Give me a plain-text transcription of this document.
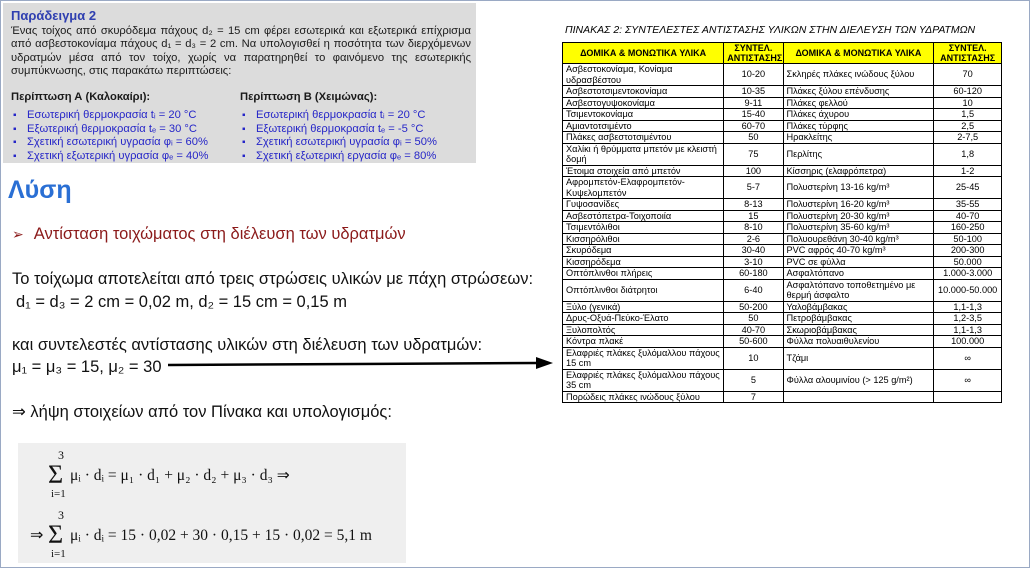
Παράδειγμα 2
Ένας τοίχος από σκυρόδεμα πάχους d₂ = 15 cm φέρει εσωτερικά και εξωτερικά επίχρισμα από ασβεστοκονίαμα πάχους d₁ = d₃ = 2 cm. Να υπολογισθεί η ποσότητα των διερχόμενων υδρατμών μέσα από τον τοίχο, χωρίς να παρατηρηθεί το φαινόμενο της εσωτερικής συμπύκνωσης, στις παρακάτω περιπτώσεις:
Περίπτωση Α (Καλοκαίρι):	Περίπτωση Β (Χειμώνας):
▪ Εσωτερική θερμοκρασία tᵢ = 20 °C
▪ Εξωτερική θερμοκρασία tₑ = 30 °C
▪ Σχετική εσωτερική υγρασία φᵢ = 60%
▪ Σχετική εξωτερική υγρασία φₑ = 40%
▪ Εσωτερική θερμοκρασία tᵢ = 20 °C
▪ Εξωτερική θερμοκρασία tₑ = -5 °C
▪ Σχετική εσωτερική υγρασία φᵢ = 50%
▪ Σχετική εξωτερική εργασία φₑ = 80%
Λύση
➢ Αντίσταση τοιχώματος στη διέλευση των υδρατμών
Το τοίχωμα αποτελείται από τρεις στρώσεις υλικών με πάχη στρώσεων:
d₁ = d₃ = 2 cm = 0,02 m, d₂ = 15 cm = 0,15 m
και συντελεστές αντίστασης υλικών στη διέλευση των υδρατμών:
μ₁ = μ₃ = 15, μ₂ = 30
⇒ λήψη στοιχείων από τον Πίνακα και υπολογισμός:
3
Σ
i=1
μᵢ · dᵢ = μ₁ · d₁ + μ₂ · d₂ + μ₃ · d₃ ⇒
3
⇒ Σ
i=1
μᵢ · dᵢ = 15 · 0,02 + 30 · 0,15 + 15 · 0,02 = 5,1 m
ΠΙΝΑΚΑΣ 2: ΣΥΝΤΕΛΕΣΤΕΣ ΑΝΤΙΣΤΑΣΗΣ ΥΛΙΚΩΝ ΣΤΗΝ ΔΙΕΛΕΥΣΗ ΤΩΝ ΥΔΡΑΤΜΩΝ
ΔΟΜΙΚΑ & ΜΟΝΩΤΙΚΑ ΥΛΙΚΑ	ΣΥΝΤΕΛ. ΑΝΤΙΣΤΑΣΗΣ	ΔΟΜΙΚΑ & ΜΟΝΩΤΙΚΑ ΥΛΙΚΑ	ΣΥΝΤΕΛ. ΑΝΤΙΣΤΑΣΗΣ
Ασβεστοκονίαμα, Κονίαμα υδρασβέστου	10-20	Σκληρές πλάκες ινώδους ξύλου	70
Ασβεστοτσιμεντοκονίαμα	10-35	Πλάκες ξύλου επένδυσης	60-120
Ασβεστογυψοκονίαμα	9-11	Πλάκες φελλού	10
Τσιμεντοκονίαμα	15-40	Πλάκες άχυρου	1,5
Αμιαντοτσιμέντο	60-70	Πλάκες τύρφης	2,5
Πλάκες ασβεστοτσιμέντου	50	Ηρακλείτης	2-7,5
Χαλίκι ή θρύμματα μπετόν με κλειστή δομή	75	Περλίτης	1,8
Έτοιμα στοιχεία από μπετόν	100	Κίσσηρις (ελαφρόπετρα)	1-2
Αφρομπετόν-Ελαφρομπετόν-Κυψελομπετόν	5-7	Πολυστερίνη 13-16 kg/m³	25-45
Γυψοσανίδες	8-13	Πολυστερίνη 16-20 kg/m³	35-55
Ασβεστόπετρα-Τοιχοποιία	15	Πολυστερίνη 20-30 kg/m³	40-70
Τσιμεντόλιθοι	8-10	Πολυστερίνη 35-60 kg/m³	160-250
Κισσηρόλιθοι	2-6	Πολυουρεθάνη 30-40 kg/m³	50-100
Σκυρόδεμα	30-40	PVC αφρός 40-70 kg/m³	200-300
Κισσηρόδεμα	3-10	PVC σε φύλλα	50.000
Οπτόπλινθοι πλήρεις	60-180	Ασφαλτόπανο	1.000-3.000
Οπτόπλινθοι διάτρητοι	6-40	Ασφαλτόπανο τοποθετημένο με θερμή άσφαλτο	10.000-50.000
Ξύλο (γενικά)	50-200	Υαλοβάμβακας	1,1-1,3
Δρυς-Οξυά-Πεύκο-Έλατο	50	Πετροβάμβακας	1,2-3,5
Ξυλοπολτός	40-70	Σκωριοβάμβακας	1,1-1,3
Κόντρα πλακέ	50-600	Φύλλα πολυαιθυλενίου	100.000
Ελαφριές πλάκες ξυλόμαλλου πάχους 15 cm	10	Τζάμι	∞
Ελαφριές πλάκες ξυλόμαλλου πάχους 35 cm	5	Φύλλα αλουμινίου (> 125 g/m²)	∞
Πορώδεις πλάκες ινώδους ξύλου	7		
